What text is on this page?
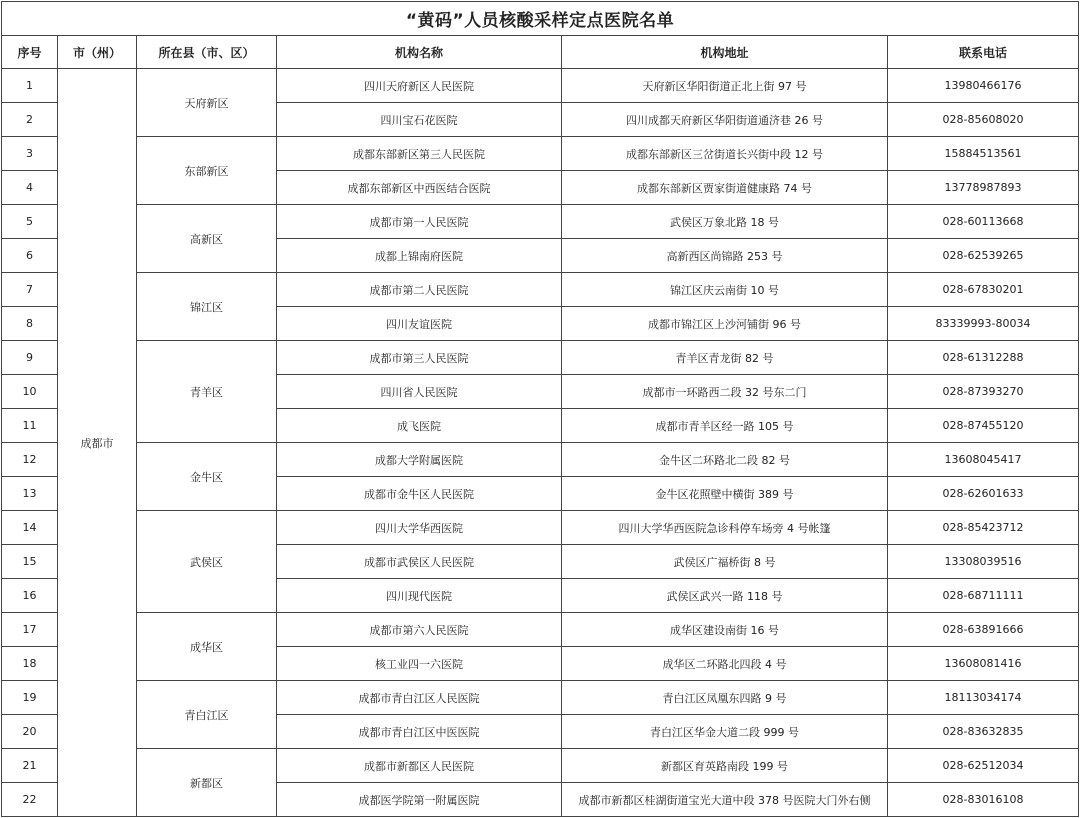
“黄码”人员核酸采样定点医院名单					
序号	市（州）	所在县（市、区）	机构名称	机构地址	联系电话
1	成都市	天府新区	四川天府新区人民医院	天府新区华阳街道正北上街 97 号	13980466176
2			四川宝石花医院	四川成都天府新区华阳街道通济巷 26 号	028-85608020
3		东部新区	成都东部新区第三人民医院	成都东部新区三岔街道长兴街中段 12 号	15884513561
4			成都东部新区中西医结合医院	成都东部新区贾家街道健康路 74 号	13778987893
5		高新区	成都市第一人民医院	武侯区万象北路 18 号	028-60113668
6			成都上锦南府医院	高新西区尚锦路 253 号	028-62539265
7		锦江区	成都市第二人民医院	锦江区庆云南街 10 号	028-67830201
8			四川友谊医院	成都市锦江区上沙河铺街 96 号	83339993-80034
9		青羊区	成都市第三人民医院	青羊区青龙街 82 号	028-61312288
10			四川省人民医院	成都市一环路西二段 32 号东二门	028-87393270
11			成飞医院	成都市青羊区经一路 105 号	028-87455120
12		金牛区	成都大学附属医院	金牛区二环路北二段 82 号	13608045417
13			成都市金牛区人民医院	金牛区花照壁中横街 389 号	028-62601633
14		武侯区	四川大学华西医院	四川大学华西医院急诊科停车场旁 4 号帐篷	028-85423712
15			成都市武侯区人民医院	武侯区广福桥街 8 号	13308039516
16			四川现代医院	武侯区武兴一路 118 号	028-68711111
17		成华区	成都市第六人民医院	成华区建设南街 16 号	028-63891666
18			核工业四一六医院	成华区二环路北四段 4 号	13608081416
19		青白江区	成都市青白江区人民医院	青白江区凤凰东四路 9 号	18113034174
20			成都市青白江区中医医院	青白江区华金大道二段 999 号	028-83632835
21		新都区	成都市新都区人民医院	新都区育英路南段 199 号	028-62512034
22			成都医学院第一附属医院	成都市新都区桂湖街道宝光大道中段 378 号医院大门外右侧	028-83016108
